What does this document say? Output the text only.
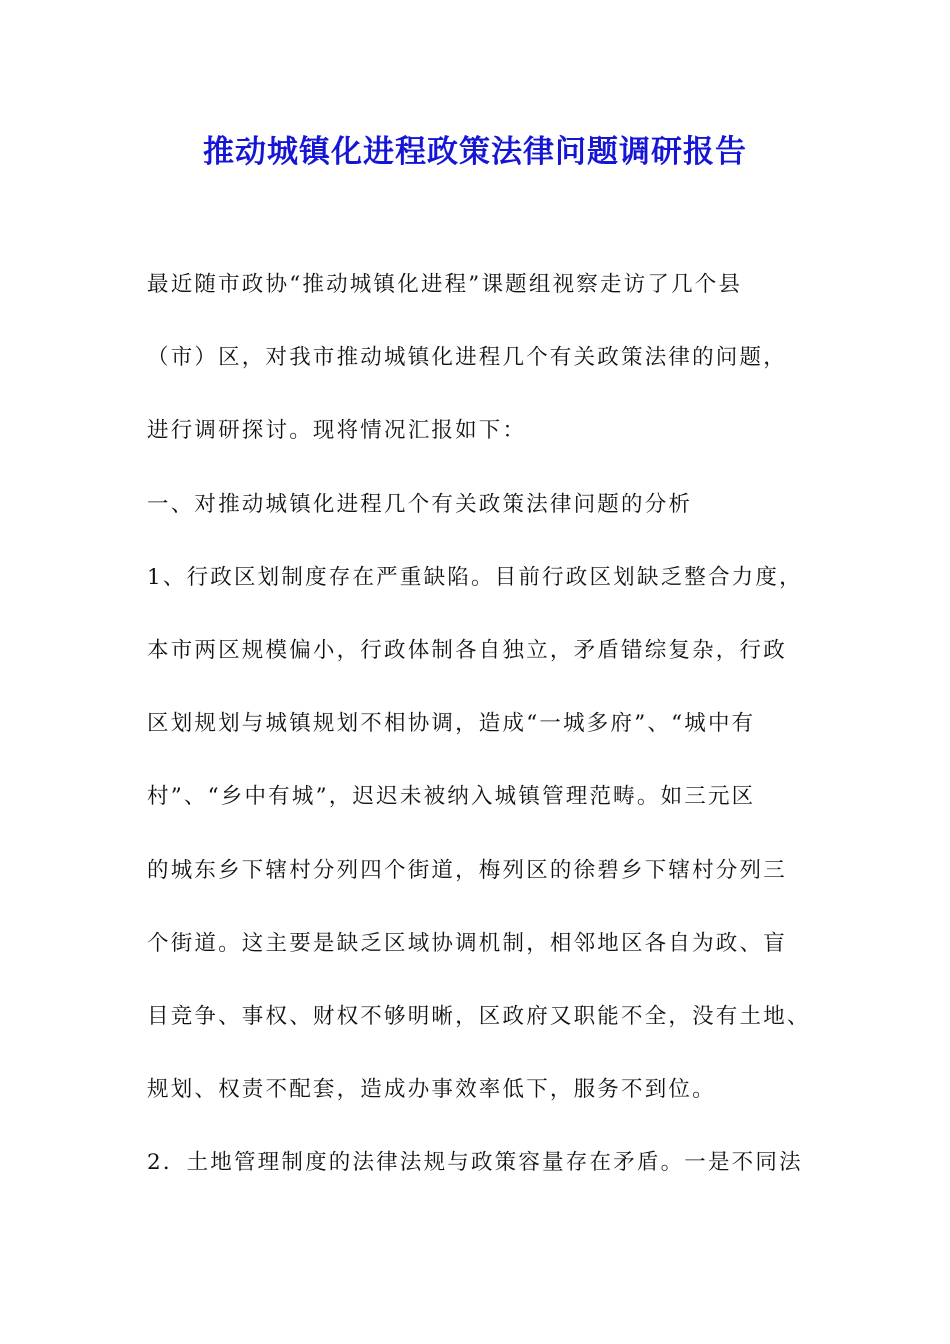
推动城镇化进程政策法律问题调研报告
最近随市政协“推动城镇化进程”课题组视察走访了几个县
（市）区，对我市推动城镇化进程几个有关政策法律的问题，
进行调研探讨。现将情况汇报如下：
一、对推动城镇化进程几个有关政策法律问题的分析
1、行政区划制度存在严重缺陷。目前行政区划缺乏整合力度，
本市两区规模偏小，行政体制各自独立，矛盾错综复杂，行政
区划规划与城镇规划不相协调，造成“一城多府”、“城中有
村”、“乡中有城”，迟迟未被纳入城镇管理范畴。如三元区
的城东乡下辖村分列四个街道，梅列区的徐碧乡下辖村分列三
个街道。这主要是缺乏区域协调机制，相邻地区各自为政、盲
目竞争、事权、财权不够明晰，区政府又职能不全，没有土地、
规划、权责不配套，造成办事效率低下，服务不到位。
2．土地管理制度的法律法规与政策容量存在矛盾。一是不同法
